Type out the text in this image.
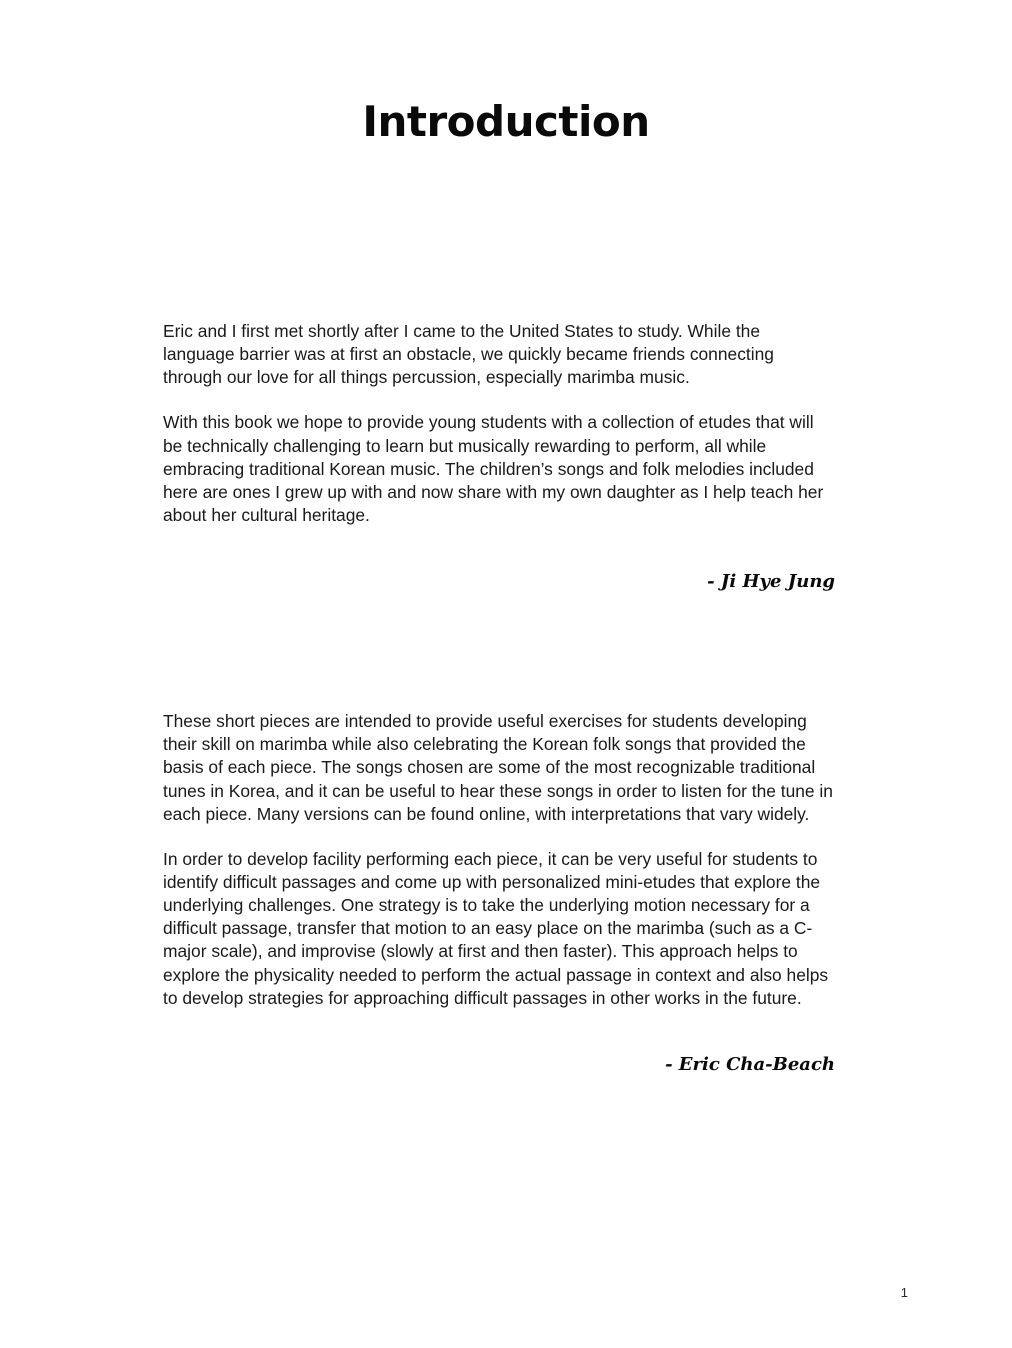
Introduction

Eric and I first met shortly after I came to the United States to study. While the language barrier was at first an obstacle, we quickly became friends connecting through our love for all things percussion, especially marimba music.

With this book we hope to provide young students with a collection of etudes that will be technically challenging to learn but musically rewarding to perform, all while embracing traditional Korean music. The children’s songs and folk melodies included here are ones I grew up with and now share with my own daughter as I help teach her about her cultural heritage.

- Ji Hye Jung

These short pieces are intended to provide useful exercises for students developing their skill on marimba while also celebrating the Korean folk songs that provided the basis of each piece. The songs chosen are some of the most recognizable traditional tunes in Korea, and it can be useful to hear these songs in order to listen for the tune in each piece. Many versions can be found online, with interpretations that vary widely.

In order to develop facility performing each piece, it can be very useful for students to identify difficult passages and come up with personalized mini-etudes that explore the underlying challenges. One strategy is to take the underlying motion necessary for a difficult passage, transfer that motion to an easy place on the marimba (such as a C-major scale), and improvise (slowly at first and then faster). This approach helps to explore the physicality needed to perform the actual passage in context and also helps to develop strategies for approaching difficult passages in other works in the future.

- Eric Cha-Beach

1
